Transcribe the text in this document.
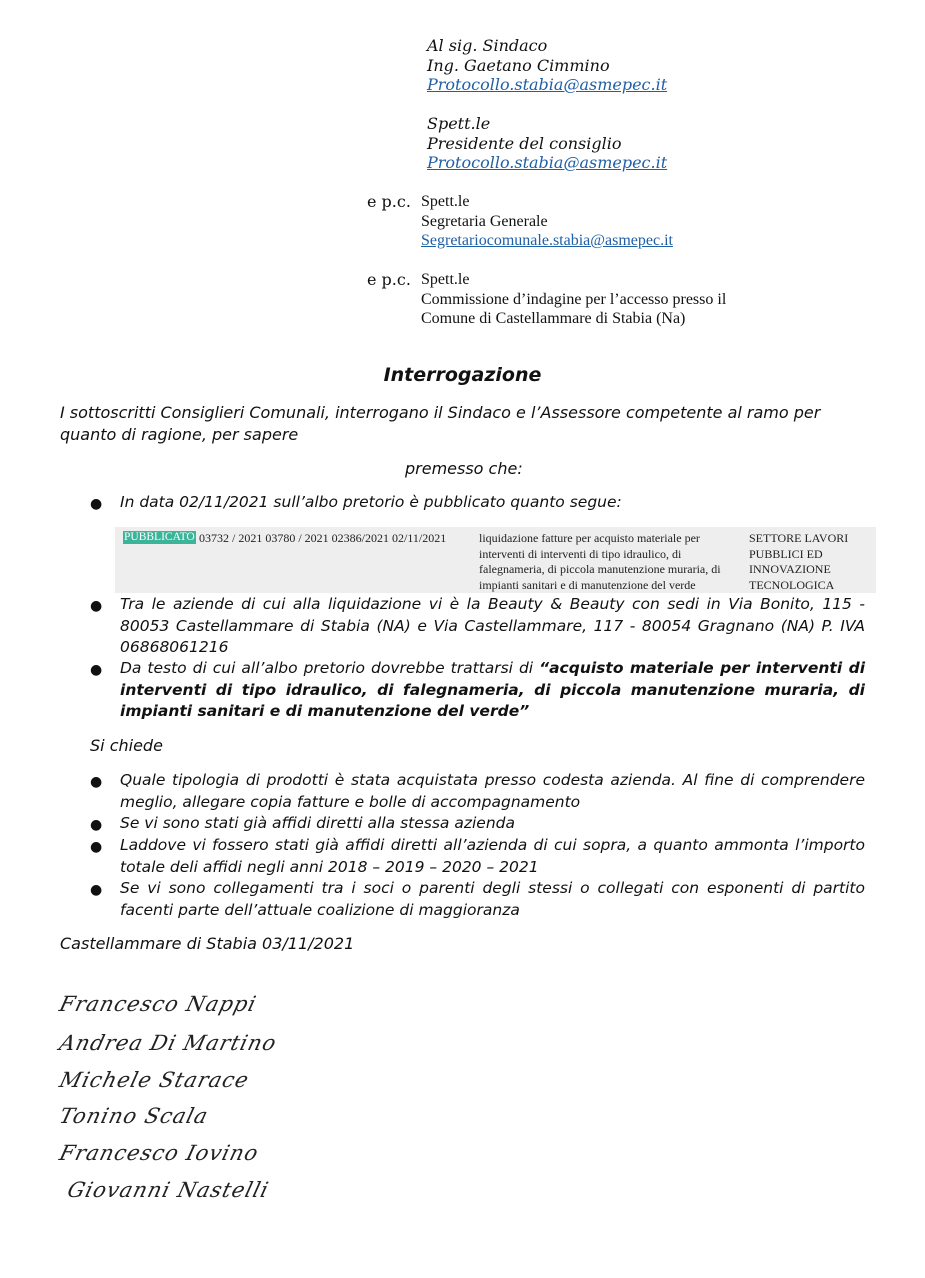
Al sig. Sindaco
Ing. Gaetano Cimmino
Protocollo.stabia@asmepec.it
Spett.le
Presidente del consiglio
Protocollo.stabia@asmepec.it
e p.c. Spett.le
Segretaria Generale
Segretariocomunale.stabia@asmepec.it
e p.c. Spett.le
Commissione d’indagine per l’accesso presso il
Comune di Castellammare di Stabia (Na)
Interrogazione
I sottoscritti Consiglieri Comunali, interrogano il Sindaco e l’Assessore competente al ramo per quanto di ragione, per sapere
premesso che:
● In data 02/11/2021 sull’albo pretorio è pubblicato quanto segue:
PUBBLICATO 03732 / 2021 03780 / 2021 02386/2021 02/11/2021	liquidazione fatture per acquisto materiale per interventi di interventi di tipo idraulico, di falegnameria, di piccola manutenzione muraria, di impianti sanitari e di manutenzione del verde
SETTORE LAVORI PUBBLICI ED INNOVAZIONE TECNOLOGICA
● Tra le aziende di cui alla liquidazione vi è la Beauty & Beauty con sedi in Via Bonito, 115 - 80053 Castellammare di Stabia (NA) e Via Castellammare, 117 - 80054 Gragnano (NA) P. IVA 06868061216
● Da testo di cui all’albo pretorio dovrebbe trattarsi di “acquisto materiale per interventi di interventi di tipo idraulico, di falegnameria, di piccola manutenzione muraria, di impianti sanitari e di manutenzione del verde”
Si chiede
● Quale tipologia di prodotti è stata acquistata presso codesta azienda. Al fine di comprendere meglio, allegare copia fatture e bolle di accompagnamento
● Se vi sono stati già affidi diretti alla stessa azienda
● Laddove vi fossero stati già affidi diretti all’azienda di cui sopra, a quanto ammonta l’importo totale deli affidi negli anni 2018 – 2019 – 2020 – 2021
● Se vi sono collegamenti tra i soci o parenti degli stessi o collegati con esponenti di partito facenti parte dell’attuale coalizione di maggioranza
Castellammare di Stabia 03/11/2021
Francesco Nappi
Andrea Di Martino
Michele Starace
Tonino Scala
Francesco Iovino
Giovanni Nastelli
